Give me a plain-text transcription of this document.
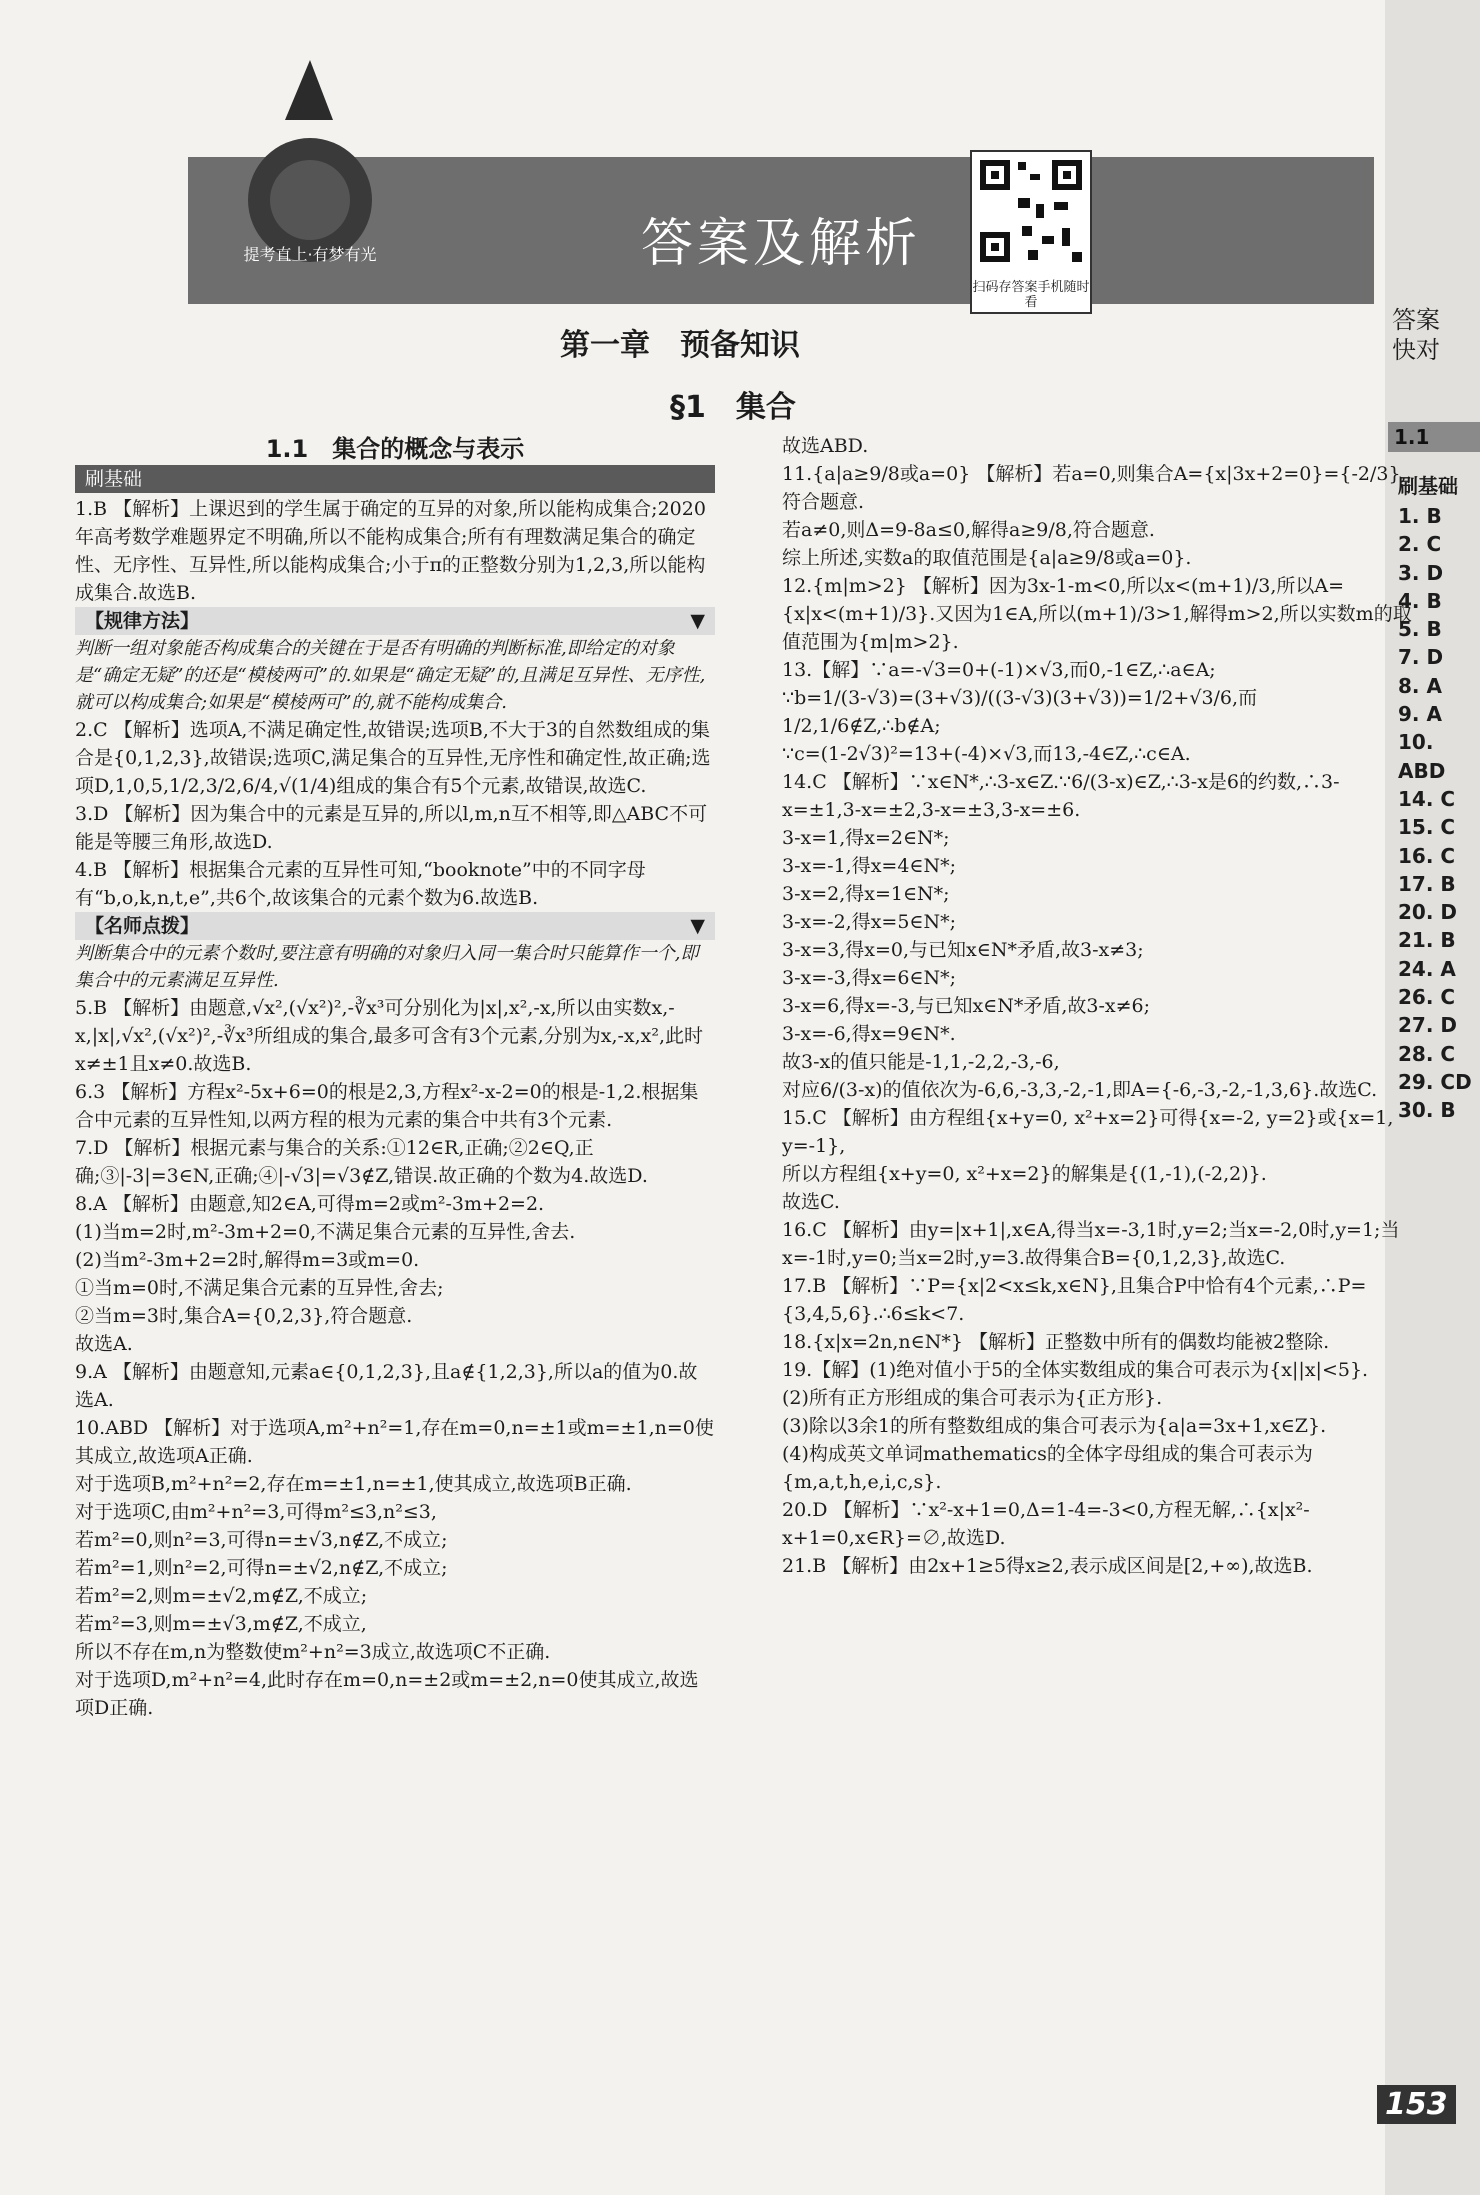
答案及解析
提考直上·有梦有光
扫码存答案手机随时看
第一章　预备知识
§1　集合

1.1　集合的概念与表示

刷基础

1.B 【解析】上课迟到的学生属于确定的互异的对象,所以能构成集合;2020年高考数学难题界定不明确,所以不能构成集合;所有有理数满足集合的确定性、无序性、互异性,所以能构成集合;小于π的正整数分别为1,2,3,所以能构成集合.故选B.

【规律方法】	▼

判断一组对象能否构成集合的关键在于是否有明确的判断标准,即给定的对象是“确定无疑”的还是“模棱两可”的.如果是“确定无疑”的,且满足互异性、无序性,就可以构成集合;如果是“模棱两可”的,就不能构成集合.

2.C 【解析】选项A,不满足确定性,故错误;选项B,不大于3的自然数组成的集合是{0,1,2,3},故错误;选项C,满足集合的互异性,无序性和确定性,故正确;选项D,1,0,5,1/2,3/2,6/4,√(1/4)组成的集合有5个元素,故错误,故选C.

3.D 【解析】因为集合中的元素是互异的,所以l,m,n互不相等,即△ABC不可能是等腰三角形,故选D.

4.B 【解析】根据集合元素的互异性可知,“booknote”中的不同字母有“b,o,k,n,t,e”,共6个,故该集合的元素个数为6.故选B.

【名师点拨】	▼

判断集合中的元素个数时,要注意有明确的对象归入同一集合时只能算作一个,即集合中的元素满足互异性.

5.B 【解析】由题意,√x²,(√x²)²,-∛x³可分别化为|x|,x²,-x,所以由实数x,-x,|x|,√x²,(√x²)²,-∛x³所组成的集合,最多可含有3个元素,分别为x,-x,x²,此时x≠±1且x≠0.故选B.

6.3 【解析】方程x²-5x+6=0的根是2,3,方程x²-x-2=0的根是-1,2.根据集合中元素的互异性知,以两方程的根为元素的集合中共有3个元素.

7.D 【解析】根据元素与集合的关系:①12∈R,正确;②2∈Q,正确;③|-3|=3∈N,正确;④|-√3|=√3∉Z,错误.故正确的个数为4.故选D.

8.A 【解析】由题意,知2∈A,可得m=2或m²-3m+2=2.

(1)当m=2时,m²-3m+2=0,不满足集合元素的互异性,舍去.

(2)当m²-3m+2=2时,解得m=3或m=0.

①当m=0时,不满足集合元素的互异性,舍去;

②当m=3时,集合A={0,2,3},符合题意.

故选A.

9.A 【解析】由题意知,元素a∈{0,1,2,3},且a∉{1,2,3},所以a的值为0.故选A.

10.ABD 【解析】对于选项A,m²+n²=1,存在m=0,n=±1或m=±1,n=0使其成立,故选项A正确.

对于选项B,m²+n²=2,存在m=±1,n=±1,使其成立,故选项B正确.

对于选项C,由m²+n²=3,可得m²≤3,n²≤3,

若m²=0,则n²=3,可得n=±√3,n∉Z,不成立;

若m²=1,则n²=2,可得n=±√2,n∉Z,不成立;

若m²=2,则m=±√2,m∉Z,不成立;

若m²=3,则m=±√3,m∉Z,不成立,

所以不存在m,n为整数使m²+n²=3成立,故选项C不正确.

对于选项D,m²+n²=4,此时存在m=0,n=±2或m=±2,n=0使其成立,故选项D正确.

故选ABD.

11.{a|a≥9/8或a=0} 【解析】若a=0,则集合A={x|3x+2=0}={-2/3},符合题意.

若a≠0,则Δ=9-8a≤0,解得a≥9/8,符合题意.

综上所述,实数a的取值范围是{a|a≥9/8或a=0}.

12.{m|m>2} 【解析】因为3x-1-m<0,所以x<(m+1)/3,所以A={x|x<(m+1)/3}.又因为1∈A,所以(m+1)/3>1,解得m>2,所以实数m的取值范围为{m|m>2}.

13.【解】∵a=-√3=0+(-1)×√3,而0,-1∈Z,∴a∈A;

∵b=1/(3-√3)=(3+√3)/((3-√3)(3+√3))=1/2+√3/6,而1/2,1/6∉Z,∴b∉A;

∵c=(1-2√3)²=13+(-4)×√3,而13,-4∈Z,∴c∈A.

14.C 【解析】∵x∈N*,∴3-x∈Z.∵6/(3-x)∈Z,∴3-x是6的约数,∴3-x=±1,3-x=±2,3-x=±3,3-x=±6.

3-x=1,得x=2∈N*;

3-x=-1,得x=4∈N*;

3-x=2,得x=1∈N*;

3-x=-2,得x=5∈N*;

3-x=3,得x=0,与已知x∈N*矛盾,故3-x≠3;

3-x=-3,得x=6∈N*;

3-x=6,得x=-3,与已知x∈N*矛盾,故3-x≠6;

3-x=-6,得x=9∈N*.

故3-x的值只能是-1,1,-2,2,-3,-6,

对应6/(3-x)的值依次为-6,6,-3,3,-2,-1,即A={-6,-3,-2,-1,3,6}.故选C.

15.C 【解析】由方程组{x+y=0, x²+x=2}可得{x=-2, y=2}或{x=1, y=-1},

所以方程组{x+y=0, x²+x=2}的解集是{(1,-1),(-2,2)}.

故选C.

16.C 【解析】由y=|x+1|,x∈A,得当x=-3,1时,y=2;当x=-2,0时,y=1;当x=-1时,y=0;当x=2时,y=3.故得集合B={0,1,2,3},故选C.

17.B 【解析】∵P={x|2<x≤k,x∈N},且集合P中恰有4个元素,∴P={3,4,5,6}.∴6≤k<7.

18.{x|x=2n,n∈N*} 【解析】正整数中所有的偶数均能被2整除.

19.【解】(1)绝对值小于5的全体实数组成的集合可表示为{x||x|<5}.

(2)所有正方形组成的集合可表示为{正方形}.

(3)除以3余1的所有整数组成的集合可表示为{a|a=3x+1,x∈Z}.

(4)构成英文单词mathematics的全体字母组成的集合可表示为{m,a,t,h,e,i,c,s}.

20.D 【解析】∵x²-x+1=0,Δ=1-4=-3<0,方程无解,∴{x|x²-x+1=0,x∈R}=∅,故选D.

21.B 【解析】由2x+1≥5得x≥2,表示成区间是[2,+∞),故选B.

答案
快对
1.1
刷基础
1. B
2. C
3. D
4. B
5. B
7. D
8. A
9. A
10. ABD
14. C
15. C
16. C
17. B
20. D
21. B
24. A
26. C
27. D
28. C
29. CD
30. B
153
